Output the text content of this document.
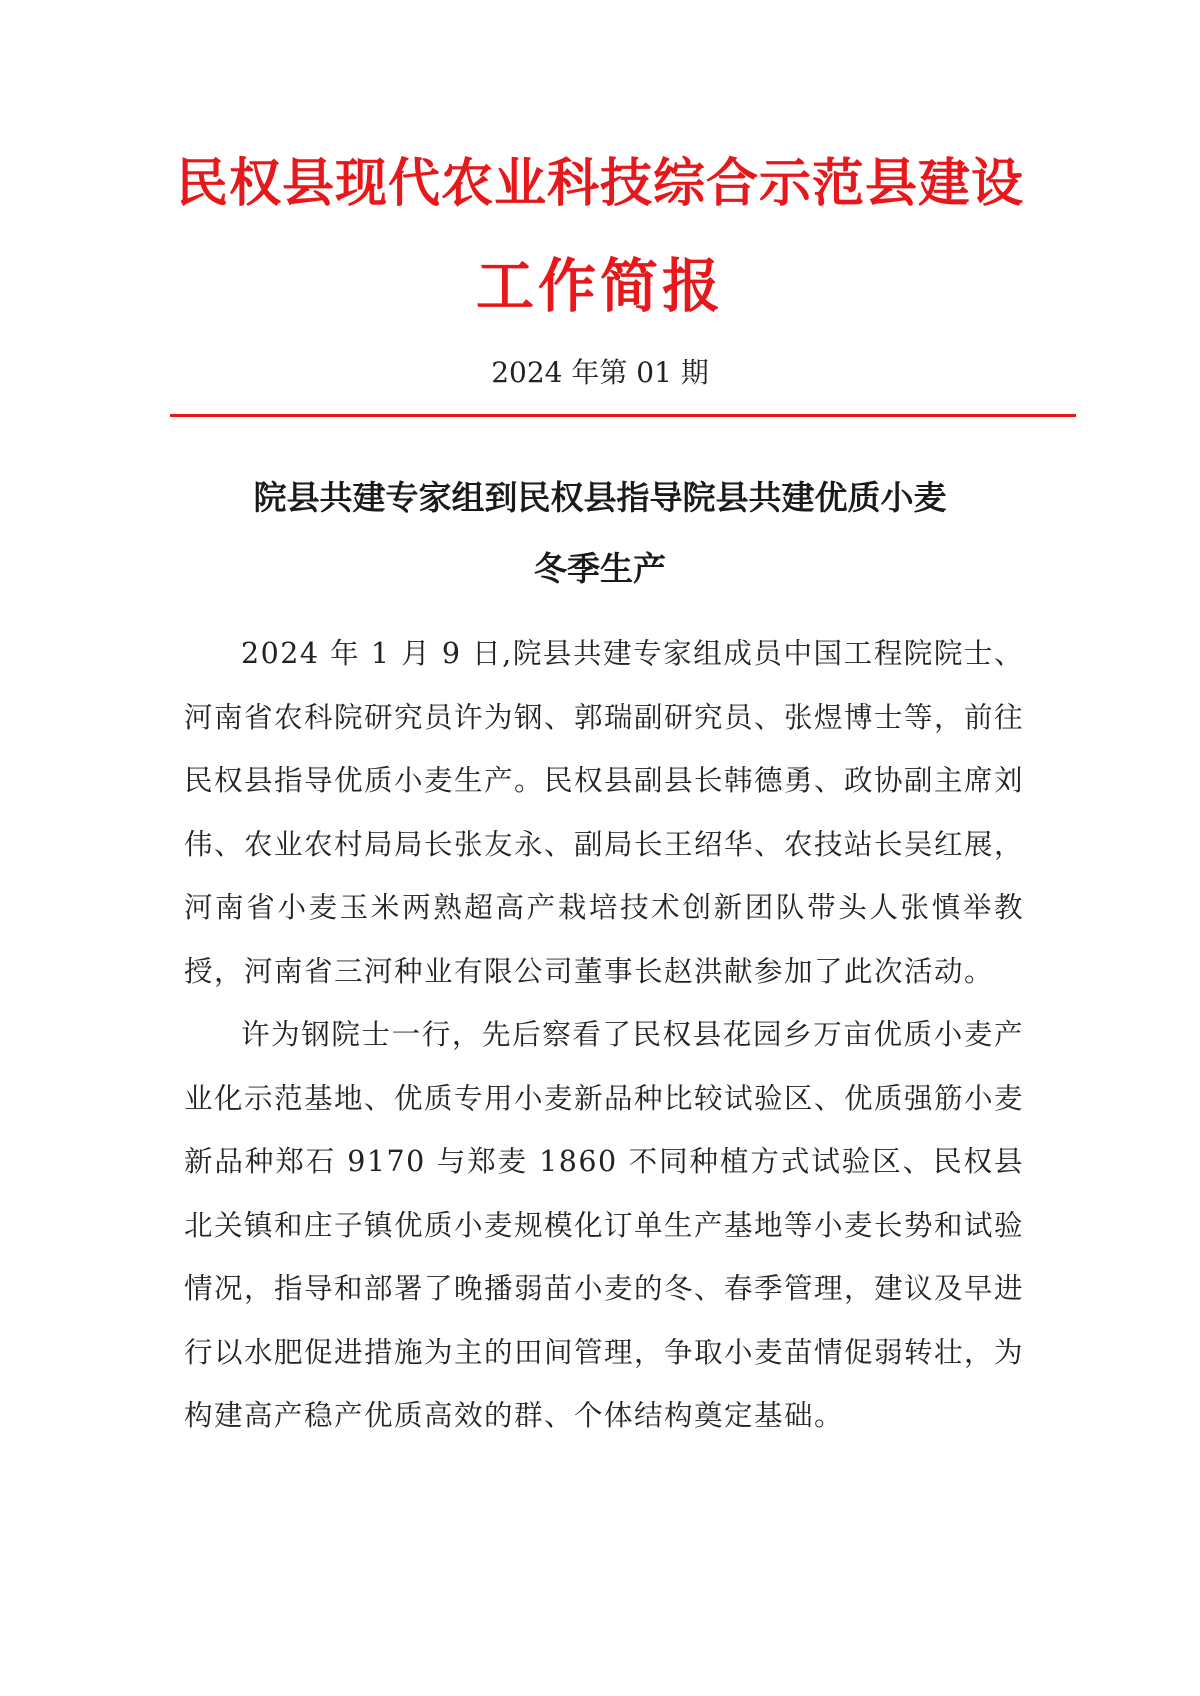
民权县现代农业科技综合示范县建设
工作简报

2024 年第 01 期

院县共建专家组到民权县指导院县共建优质小麦
冬季生产

2024 年 1 月 9 日,院县共建专家组成员中国工程院院士、河南省农科院研究员许为钢、郭瑞副研究员、张煜博士等，前往民权县指导优质小麦生产。民权县副县长韩德勇、政协副主席刘伟、农业农村局局长张友永、副局长王绍华、农技站长吴红展，河南省小麦玉米两熟超高产栽培技术创新团队带头人张慎举教授，河南省三河种业有限公司董事长赵洪献参加了此次活动。

许为钢院士一行，先后察看了民权县花园乡万亩优质小麦产业化示范基地、优质专用小麦新品种比较试验区、优质强筋小麦新品种郑石 9170 与郑麦 1860 不同种植方式试验区、民权县北关镇和庄子镇优质小麦规模化订单生产基地等小麦长势和试验情况，指导和部署了晚播弱苗小麦的冬、春季管理，建议及早进行以水肥促进措施为主的田间管理，争取小麦苗情促弱转壮，为构建高产稳产优质高效的群、个体结构奠定基础。
